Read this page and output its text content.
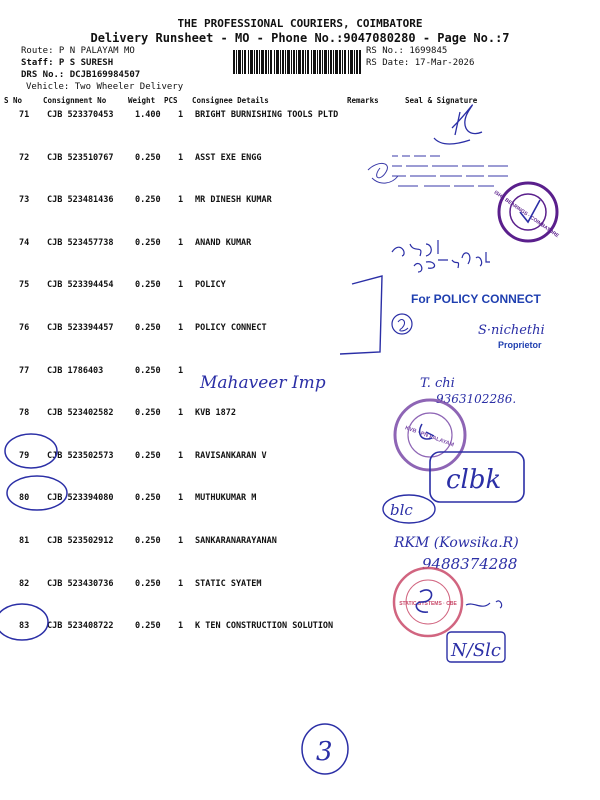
THE PROFESSIONAL COURIERS, COIMBATORE
Delivery Runsheet - MO - Phone No.:9047080280 - Page No.:7
Route: P N PALAYAM MO
Staff: P S SURESH
DRS No.: DCJB169984507
Vehicle: Two Wheeler Delivery
RS No.: 1699845
RS Date: 17-Mar-2026
S No	Consignment No	Weight PCS Consignee Details	Remarks	Seal & Signature
71 CJB 523370453	1.400 1 BRIGHT BURNISHING TOOLS PLTD
72 CJB 523510767	0.250 1 ASST EXE ENGG
73 CJB 523481436	0.250 1 MR DINESH KUMAR
74 CJB 523457738	0.250 1 ANAND KUMAR
75 CJB 523394454	0.250 1 POLICY
76 CJB 523394457	0.250 1 POLICY CONNECT
77 CJB 1786403	0.250 1
78 CJB 523402582	0.250 1 KVB 1872
79 CJB 523502573	0.250 1 RAVISANKARAN V
80 CJB 523394080	0.250 1 MUTHUKUMAR M
81 CJB 523502912	0.250 1 SANKARANARAYANAN
82 CJB 523430736	0.250 1 STATIC SYATEM
83 CJB 523408722	0.250 1 K TEN CONSTRUCTION SOLUTION
ISHA BEARINGS · COIMBATORE
For POLICY CONNECT
Proprietor
S·nichethi
Mahaveer Imp	T. chi
9363102286.
KVB · PN PALAYAM
clbk
blc
RKM (Kowsika.R)
9488374288
STATIC SYSTEMS · CBE
N/Slc
3
